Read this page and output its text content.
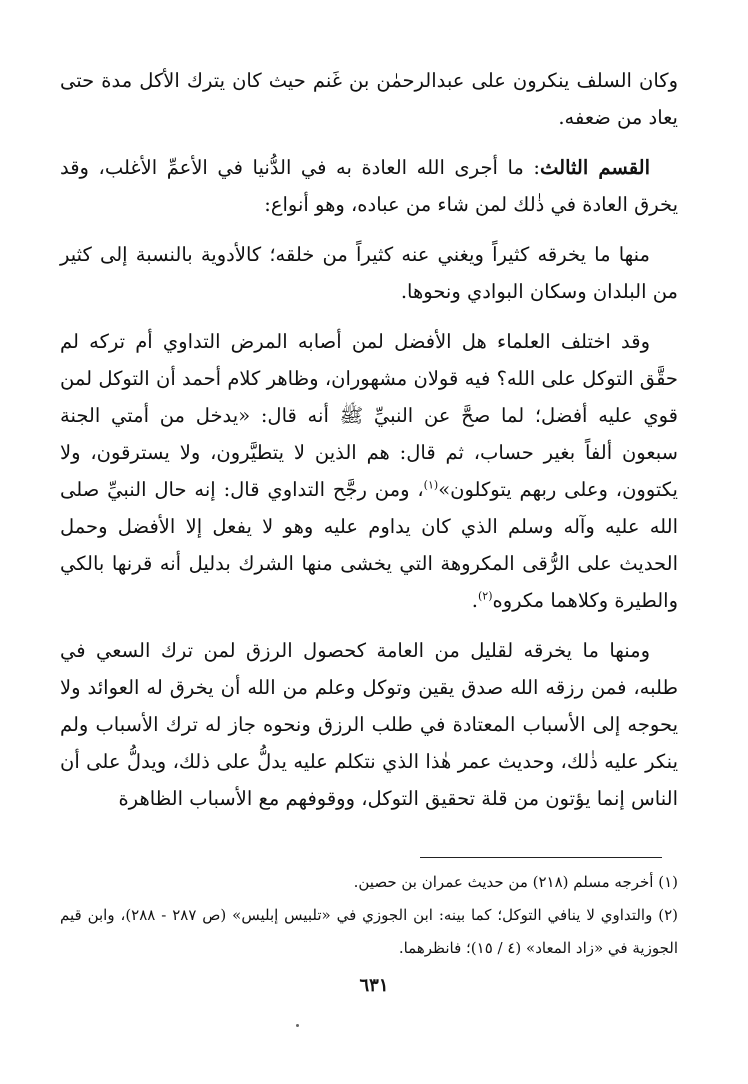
وكان السلف ينكرون على عبدالرحمٰن بن غَنم حيث كان يترك الأكل مدة حتى يعاد من ضعفه.

القسم الثالث: ما أجرى الله العادة به في الدُّنيا في الأعمِّ الأغلب، وقد يخرق العادة في ذٰلك لمن شاء من عباده، وهو أنواع:

منها ما يخرقه كثيراً ويغني عنه كثيراً من خلقه؛ كالأدوية بالنسبة إلى كثير من البلدان وسكان البوادي ونحوها.

وقد اختلف العلماء هل الأفضل لمن أصابه المرض التداوي أم تركه لم حقَّق التوكل على الله؟ فيه قولان مشهوران، وظاهر كلام أحمد أن التوكل لمن قوي عليه أفضل؛ لما صحَّ عن النبيِّ ﷺ أنه قال: «يدخل من أمتي الجنة سبعون ألفاً بغير حساب، ثم قال: هم الذين لا يتطيَّرون، ولا يسترقون، ولا يكتوون، وعلى ربهم يتوكلون»$^{(١)}$، ومن رجَّح التداوي قال: إنه حال النبيِّ صلى الله عليه وآله وسلم الذي كان يداوم عليه وهو لا يفعل إلا الأفضل وحمل الحديث على الرُّقى المكروهة التي يخشى منها الشرك بدليل أنه قرنها بالكي والطيرة وكلاهما مكروه$^{(٢)}$.

ومنها ما يخرقه لقليل من العامة كحصول الرزق لمن ترك السعي في طلبه، فمن رزقه الله صدق يقين وتوكل وعلم من الله أن يخرق له العوائد ولا يحوجه إلى الأسباب المعتادة في طلب الرزق ونحوه جاز له ترك الأسباب ولم ينكر عليه ذٰلك، وحديث عمر هٰذا الذي نتكلم عليه يدلُّ على ذلك، ويدلُّ على أن الناس إنما يؤتون من قلة تحقيق التوكل، ووقوفهم مع الأسباب الظاهرة

(١) أخرجه مسلم (٢١٨) من حديث عمران بن حصين.

(٢) والتداوي لا ينافي التوكل؛ كما بينه: ابن الجوزي في «تلبيس إبليس» (ص ٢٨٧ - ٢٨٨)، وابن قيم الجوزية في «زاد المعاد» (٤ / ١٥)؛ فانظرهما.

٦٣١
